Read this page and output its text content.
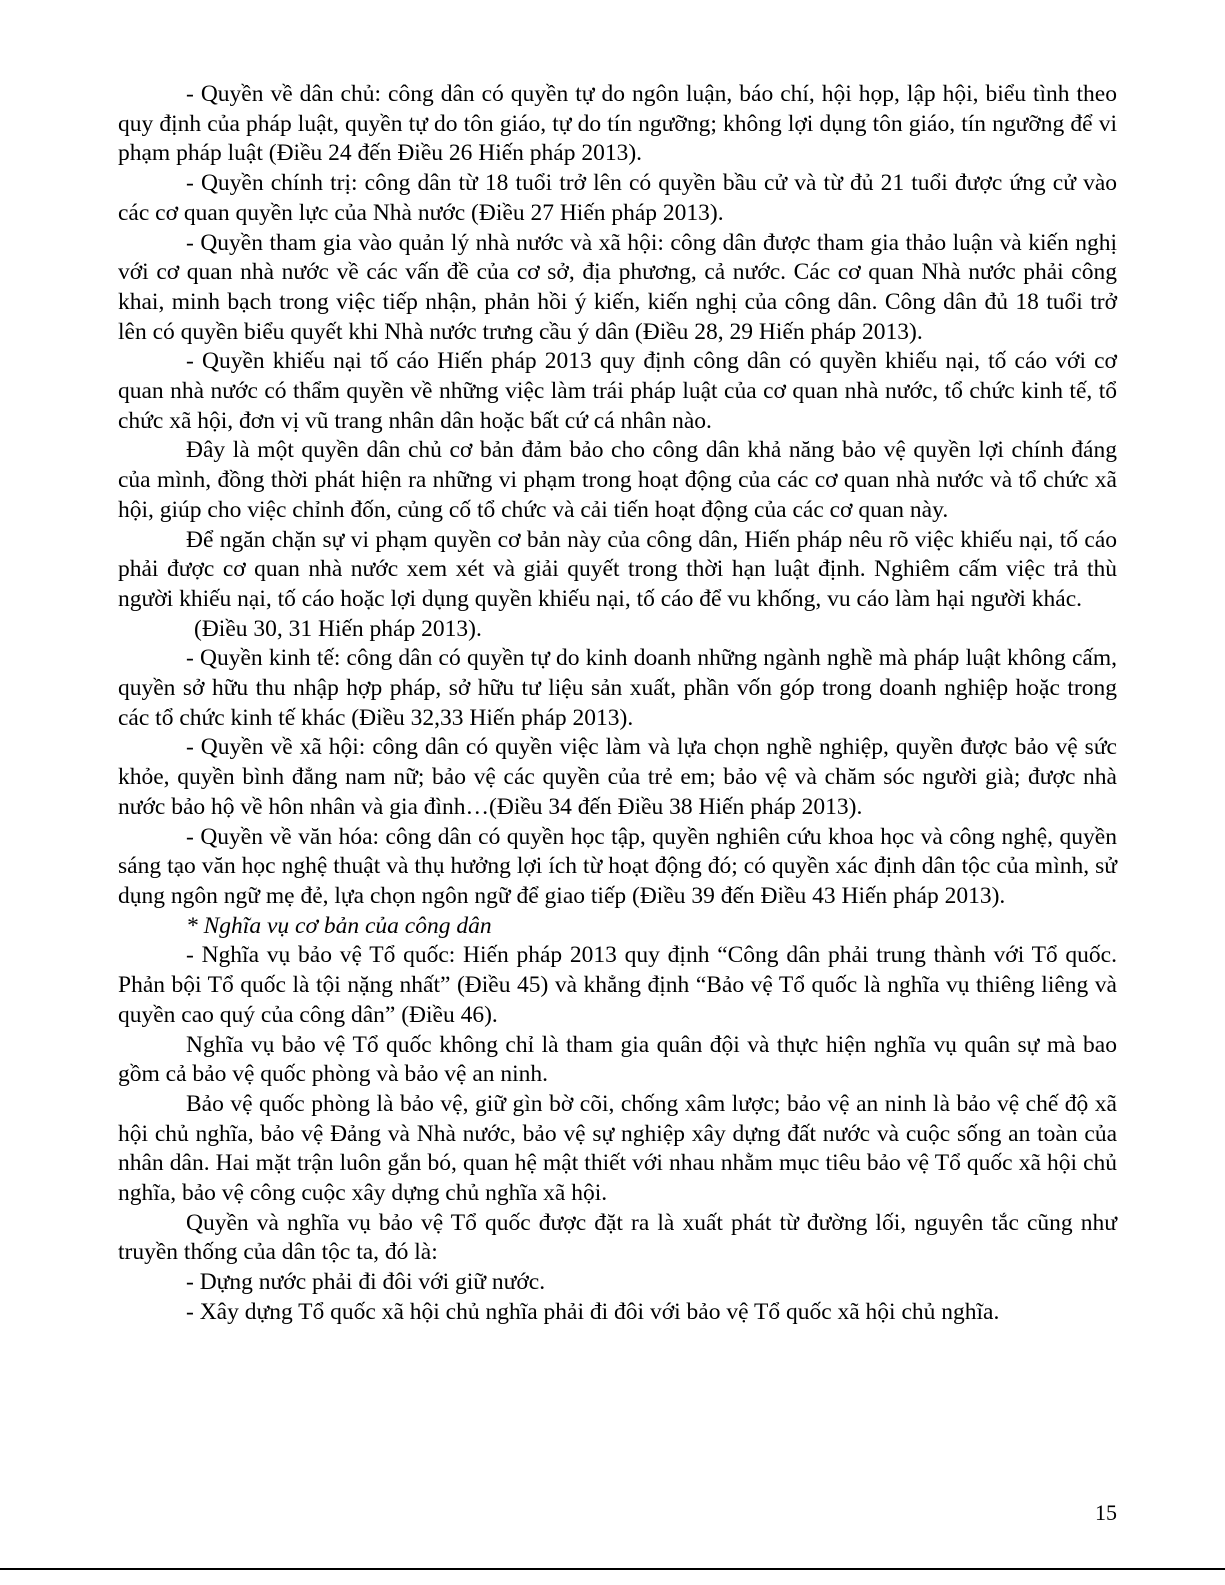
- Quyền về dân chủ: công dân có quyền tự do ngôn luận, báo chí, hội họp, lập hội, biểu tình theo quy định của pháp luật, quyền tự do tôn giáo, tự do tín ngưỡng; không lợi dụng tôn giáo, tín ngưỡng để vi phạm pháp luật (Điều 24 đến Điều 26 Hiến pháp 2013).

- Quyền chính trị: công dân từ 18 tuổi trở lên có quyền bầu cử và từ đủ 21 tuổi được ứng cử vào các cơ quan quyền lực của Nhà nước (Điều 27 Hiến pháp 2013).

- Quyền tham gia vào quản lý nhà nước và xã hội: công dân được tham gia thảo luận và kiến nghị với cơ quan nhà nước về các vấn đề của cơ sở, địa phương, cả nước. Các cơ quan Nhà nước phải công khai, minh bạch trong việc tiếp nhận, phản hồi ý kiến, kiến nghị của công dân. Công dân đủ 18 tuổi trở lên có quyền biểu quyết khi Nhà nước trưng cầu ý dân (Điều 28, 29 Hiến pháp 2013).

- Quyền khiếu nại tố cáo Hiến pháp 2013 quy định công dân có quyền khiếu nại, tố cáo với cơ quan nhà nước có thẩm quyền về những việc làm trái pháp luật của cơ quan nhà nước, tổ chức kinh tế, tổ chức xã hội, đơn vị vũ trang nhân dân hoặc bất cứ cá nhân nào.

Đây là một quyền dân chủ cơ bản đảm bảo cho công dân khả năng bảo vệ quyền lợi chính đáng của mình, đồng thời phát hiện ra những vi phạm trong hoạt động của các cơ quan nhà nước và tổ chức xã hội, giúp cho việc chỉnh đốn, củng cố tổ chức và cải tiến hoạt động của các cơ quan này.

Để ngăn chặn sự vi phạm quyền cơ bản này của công dân, Hiến pháp nêu rõ việc khiếu nại, tố cáo phải được cơ quan nhà nước xem xét và giải quyết trong thời hạn luật định. Nghiêm cấm việc trả thù người khiếu nại, tố cáo hoặc lợi dụng quyền khiếu nại, tố cáo để vu khống, vu cáo làm hại người khác.

(Điều 30, 31 Hiến pháp 2013).

- Quyền kinh tế: công dân có quyền tự do kinh doanh những ngành nghề mà pháp luật không cấm, quyền sở hữu thu nhập hợp pháp, sở hữu tư liệu sản xuất, phần vốn góp trong doanh nghiệp hoặc trong các tổ chức kinh tế khác (Điều 32,33 Hiến pháp 2013).

- Quyền về xã hội: công dân có quyền việc làm và lựa chọn nghề nghiệp, quyền được bảo vệ sức khỏe, quyền bình đẳng nam nữ; bảo vệ các quyền của trẻ em; bảo vệ và chăm sóc người già; được nhà nước bảo hộ về hôn nhân và gia đình…(Điều 34 đến Điều 38 Hiến pháp 2013).

- Quyền về văn hóa: công dân có quyền học tập, quyền nghiên cứu khoa học và công nghệ, quyền sáng tạo văn học nghệ thuật và thụ hưởng lợi ích từ hoạt động đó; có quyền xác định dân tộc của mình, sử dụng ngôn ngữ mẹ đẻ, lựa chọn ngôn ngữ để giao tiếp (Điều 39 đến Điều 43 Hiến pháp 2013).

* Nghĩa vụ cơ bản của công dân

- Nghĩa vụ bảo vệ Tổ quốc: Hiến pháp 2013 quy định “Công dân phải trung thành với Tổ quốc. Phản bội Tổ quốc là tội nặng nhất” (Điều 45) và khẳng định “Bảo vệ Tổ quốc là nghĩa vụ thiêng liêng và quyền cao quý của công dân” (Điều 46).

Nghĩa vụ bảo vệ Tổ quốc không chỉ là tham gia quân đội và thực hiện nghĩa vụ quân sự mà bao gồm cả bảo vệ quốc phòng và bảo vệ an ninh.

Bảo vệ quốc phòng là bảo vệ, giữ gìn bờ cõi, chống xâm lược; bảo vệ an ninh là bảo vệ chế độ xã hội chủ nghĩa, bảo vệ Đảng và Nhà nước, bảo vệ sự nghiệp xây dựng đất nước và cuộc sống an toàn của nhân dân. Hai mặt trận luôn gắn bó, quan hệ mật thiết với nhau nhằm mục tiêu bảo vệ Tổ quốc xã hội chủ nghĩa, bảo vệ công cuộc xây dựng chủ nghĩa xã hội.

Quyền và nghĩa vụ bảo vệ Tổ quốc được đặt ra là xuất phát từ đường lối, nguyên tắc cũng như truyền thống của dân tộc ta, đó là:

- Dựng nước phải đi đôi với giữ nước.

- Xây dựng Tổ quốc xã hội chủ nghĩa phải đi đôi với bảo vệ Tổ quốc xã hội chủ nghĩa.

15
